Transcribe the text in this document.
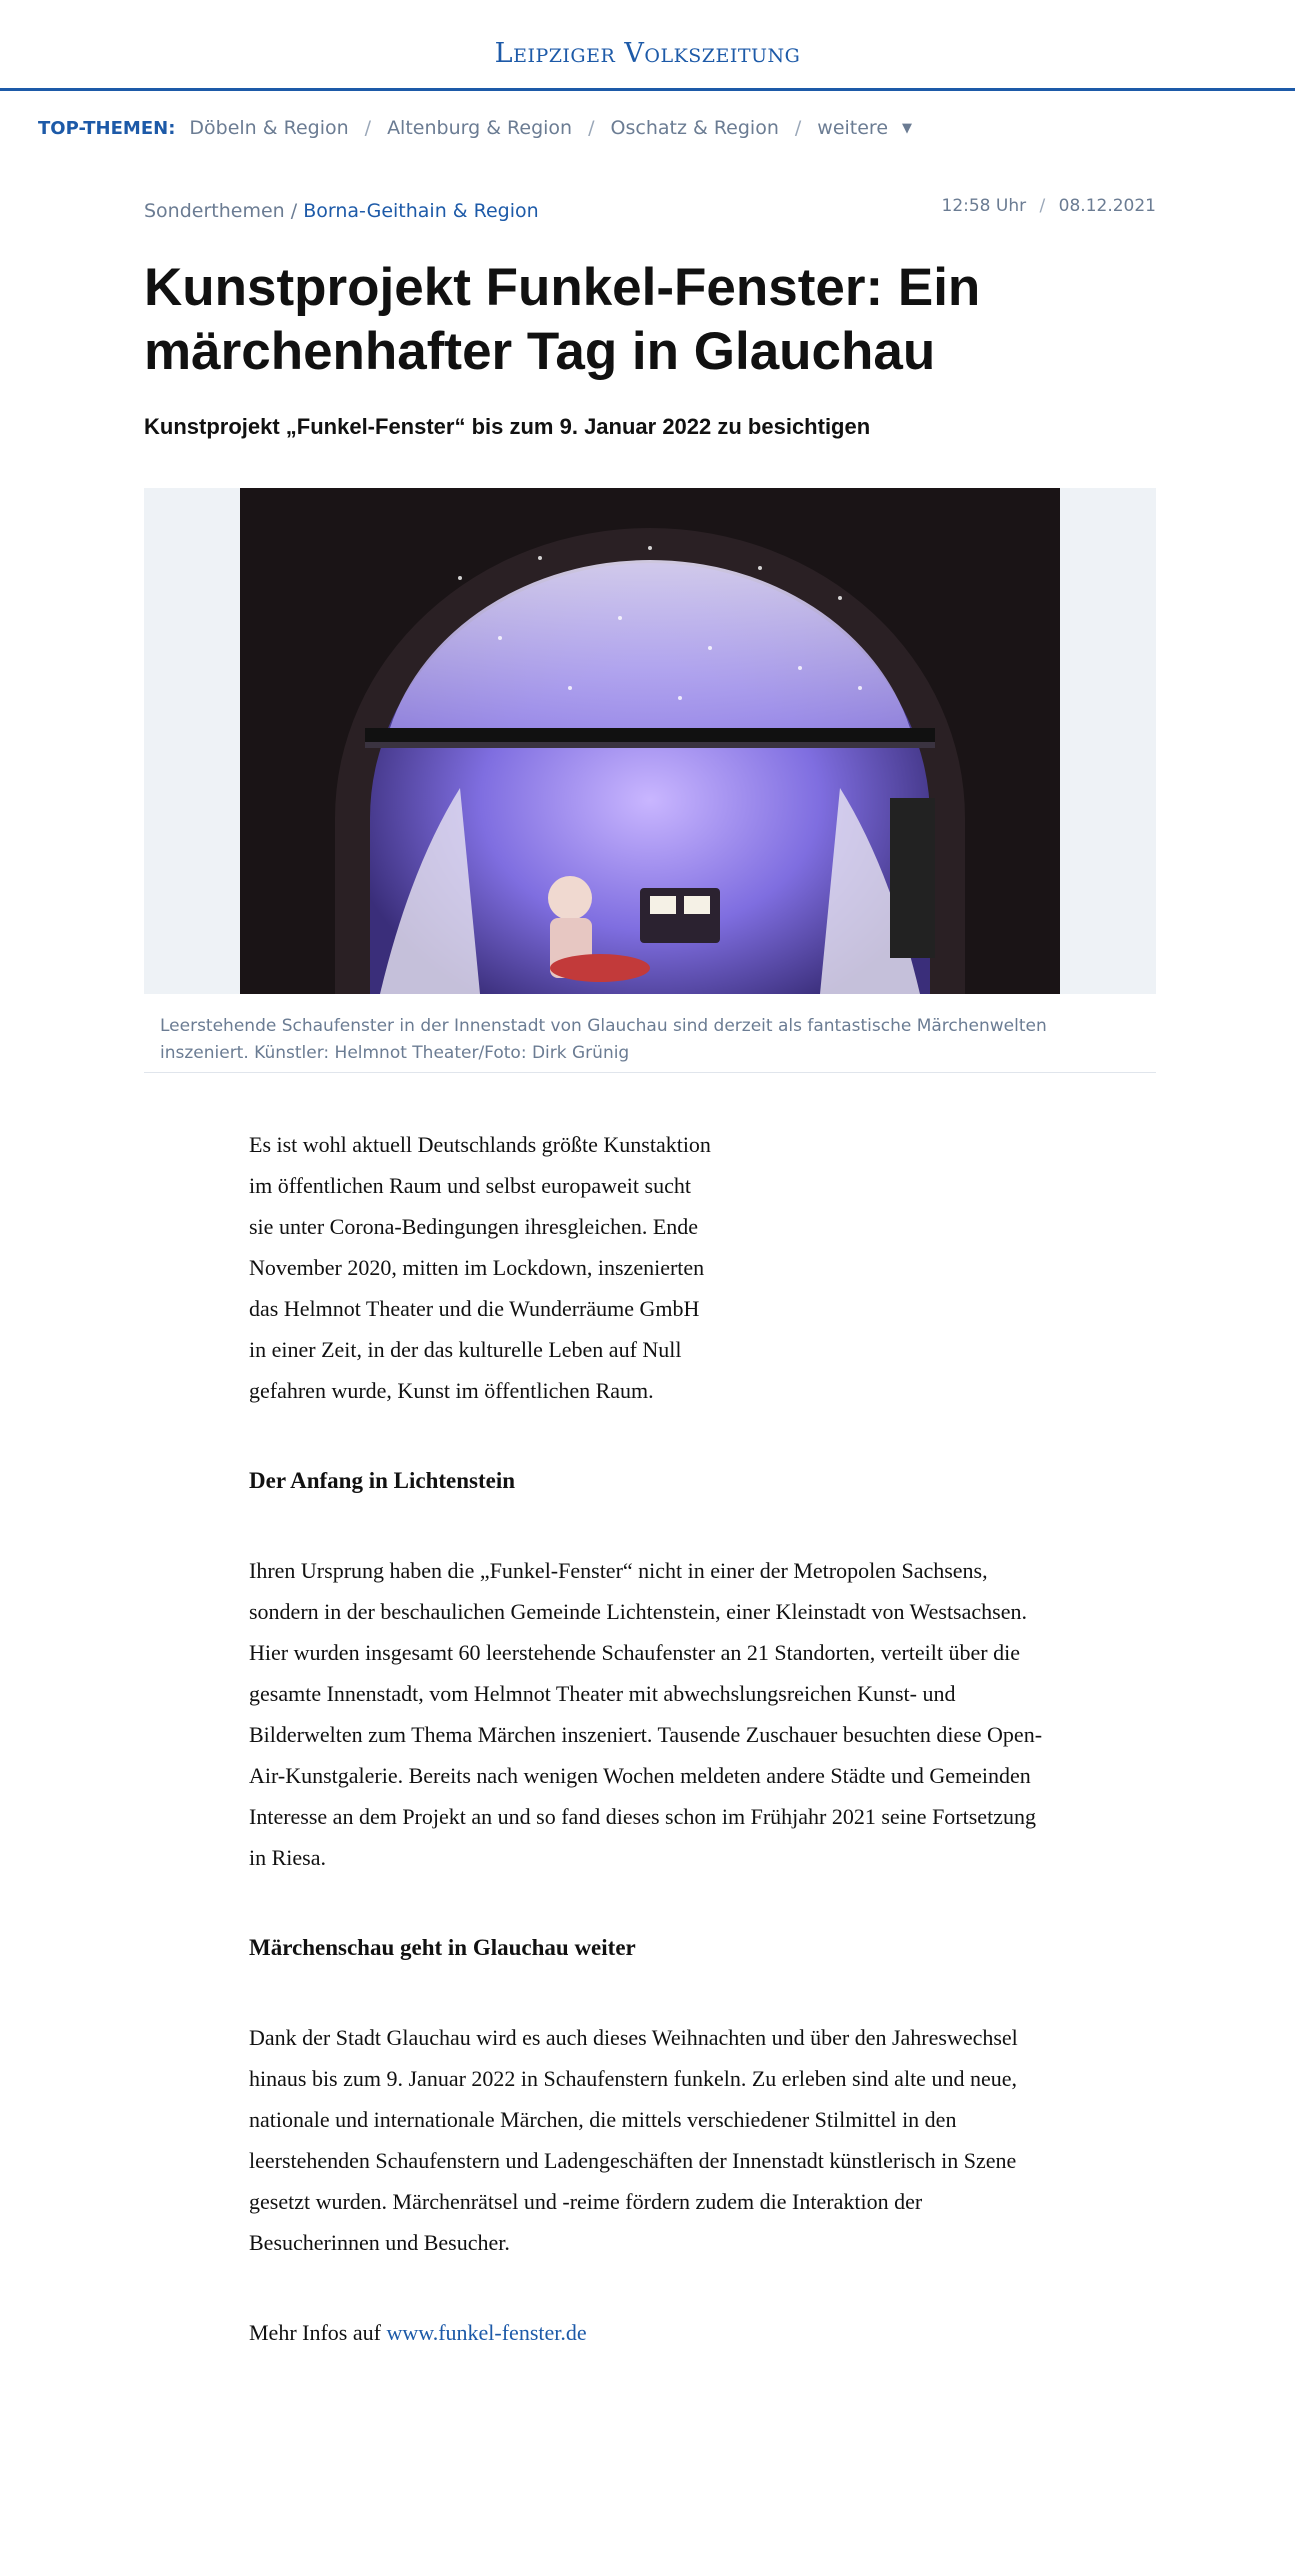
Leipziger Volkszeitung
TOP-THEMEN: Döbeln & Region / Altenburg & Region / Oschatz & Region / weitere ▼
Sonderthemen / Borna-Geithain & Region	12:58 Uhr / 08.12.2021
Kunstprojekt Funkel-Fenster: Ein märchenhafter Tag in Glauchau
Kunstprojekt „Funkel-Fenster“ bis zum 9. Januar 2022 zu besichtigen
Leerstehende Schaufenster in der Innenstadt von Glauchau sind derzeit als fantastische Märchenwelten inszeniert. Künstler: Helmnot Theater/Foto: Dirk Grünig

Es ist wohl aktuell Deutschlands größte Kunstaktion im öffentlichen Raum und selbst europaweit sucht sie unter Corona-Bedingungen ihresgleichen. Ende November 2020, mitten im Lockdown, inszenierten das Helmnot Theater und die Wunderräume GmbH in einer Zeit, in der das kulturelle Leben auf Null gefahren wurde, Kunst im öffentlichen Raum.

Der Anfang in Lichtenstein

Ihren Ursprung haben die „Funkel-Fenster“ nicht in einer der Metropolen Sachsens, sondern in der beschaulichen Gemeinde Lichtenstein, einer Kleinstadt von Westsachsen. Hier wurden insgesamt 60 leerstehende Schaufenster an 21 Standorten, verteilt über die gesamte Innenstadt, vom Helmnot Theater mit abwechslungsreichen Kunst- und Bilderwelten zum Thema Märchen inszeniert. Tausende Zuschauer besuchten diese Open-Air-Kunstgalerie. Bereits nach wenigen Wochen meldeten andere Städte und Gemeinden Interesse an dem Projekt an und so fand dieses schon im Frühjahr 2021 seine Fortsetzung in Riesa.

Märchenschau geht in Glauchau weiter

Dank der Stadt Glauchau wird es auch dieses Weihnachten und über den Jahreswechsel hinaus bis zum 9. Januar 2022 in Schaufenstern funkeln. Zu erleben sind alte und neue, nationale und internationale Märchen, die mittels verschiedener Stilmittel in den leerstehenden Schaufenstern und Ladengeschäften der Innenstadt künstlerisch in Szene gesetzt wurden. Märchenrätsel und -reime fördern zudem die Interaktion der Besucherinnen und Besucher.

Mehr Infos auf www.funkel-fenster.de
